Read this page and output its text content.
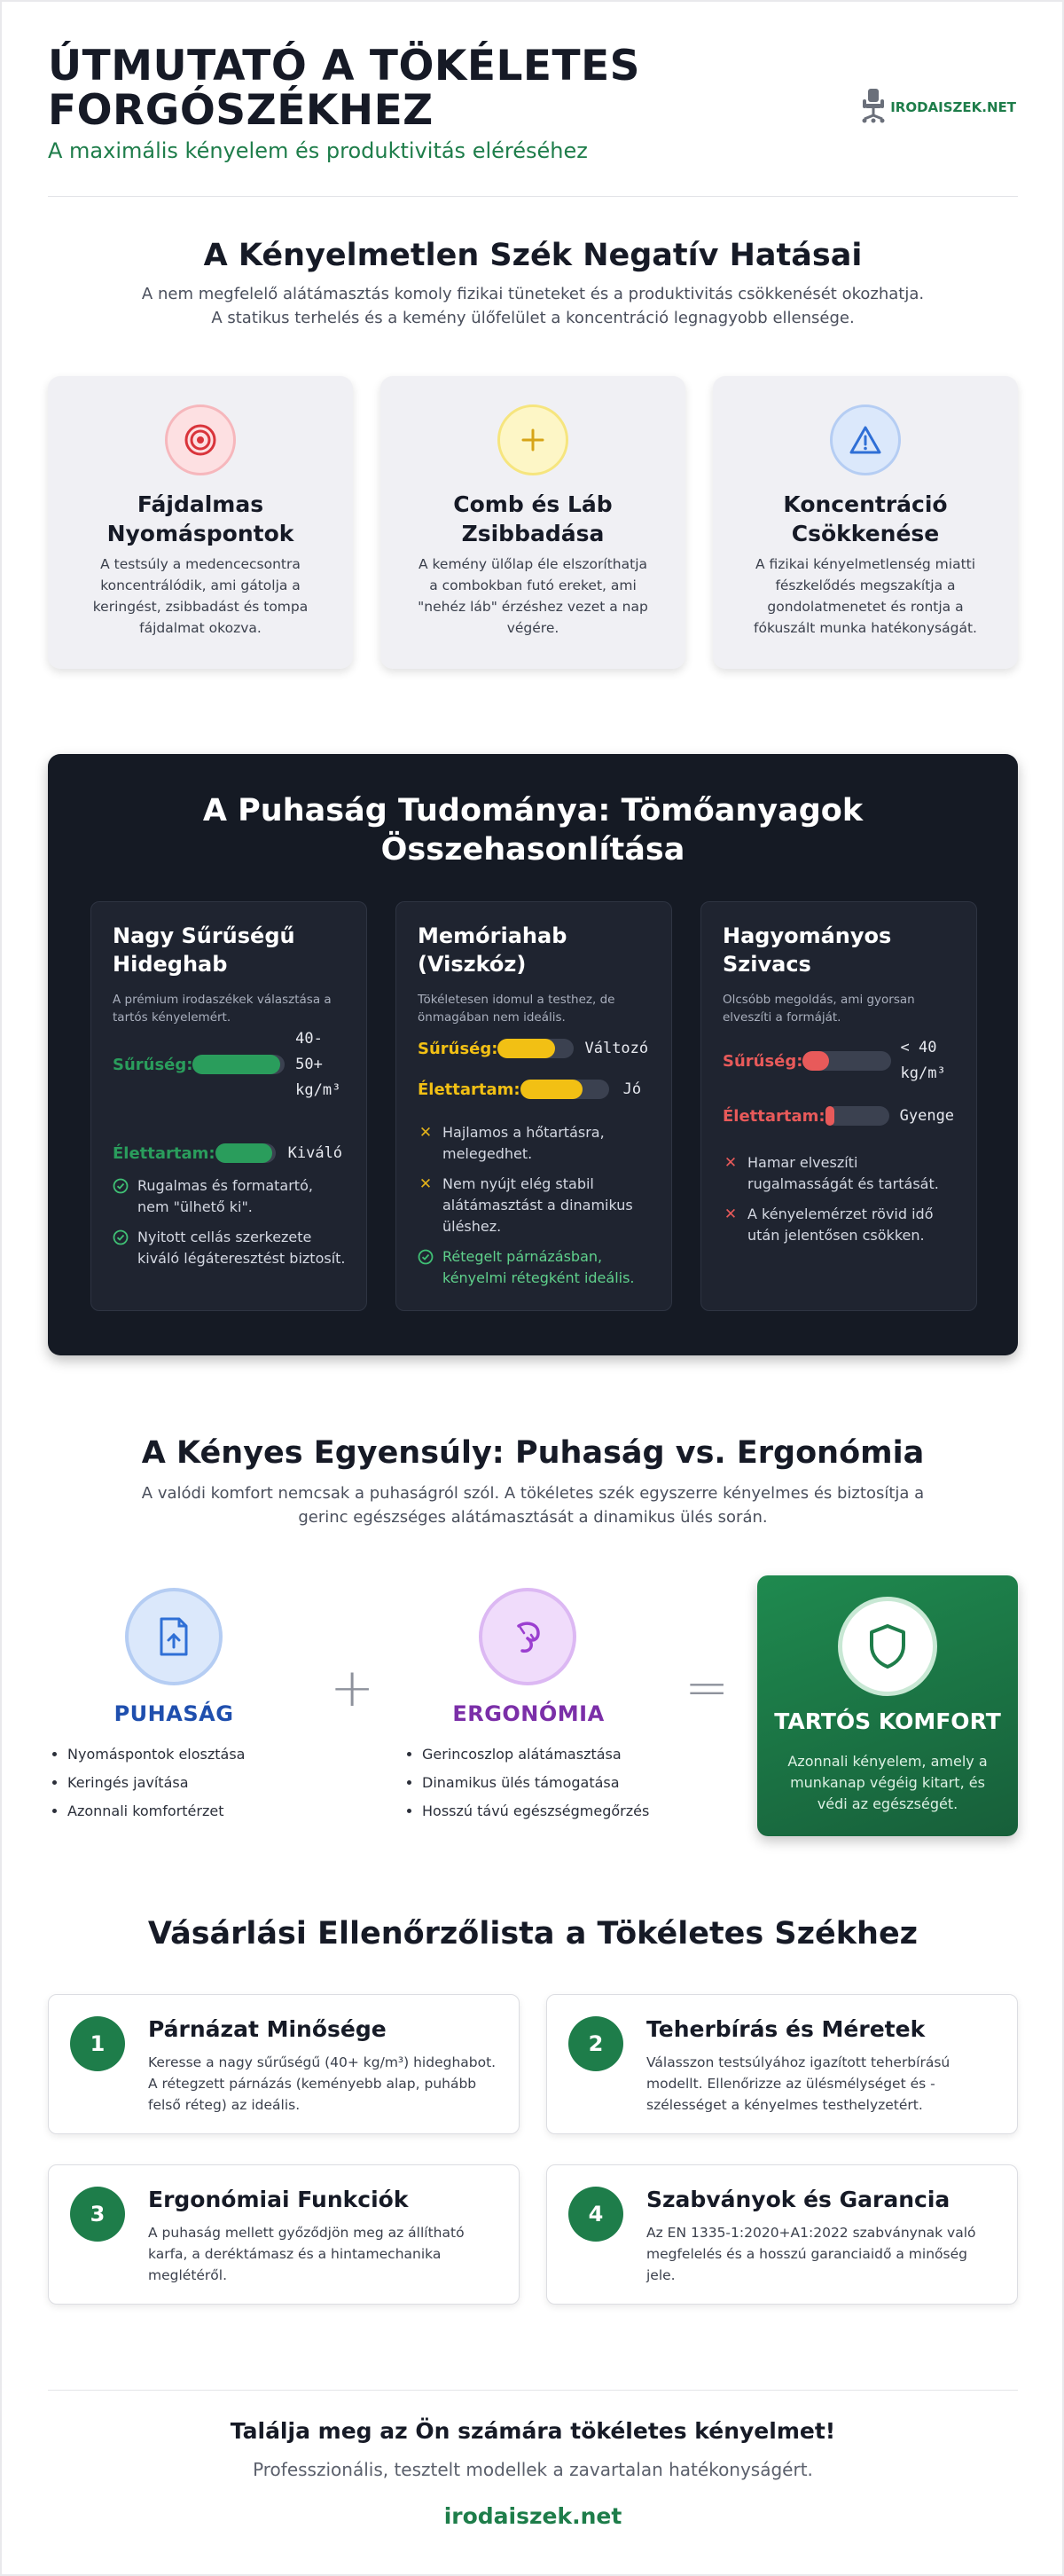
ÚTMUTATÓ A TÖKÉLETES FORGÓSZÉKHEZ
A maximális kényelem és produktivitás eléréséhez
IRODAISZEK.NET
A Kényelmetlen Szék Negatív Hatásai
A nem megfelelő alátámasztás komoly fizikai tüneteket és a produktivitás csökkenését okozhatja.
A statikus terhelés és a kemény ülőfelület a koncentráció legnagyobb ellensége.
Fájdalmas Nyomáspontok

A testsúly a medencecsontra koncentrálódik, ami gátolja a keringést, zsibbadást és tompa fájdalmat okozva.

Comb és Láb Zsibbadása

A kemény ülőlap éle elszoríthatja a combokban futó ereket, ami "nehéz láb" érzéshez vezet a nap végére.

Koncentráció Csökkenése

A fizikai kényelmetlenség miatti fészkelődés megszakítja a gondolatmenetet és rontja a fókuszált munka hatékonyságát.

A Puhaság Tudománya: Tömőanyagok Összehasonlítása
Nagy Sűrűségű Hideghab
A prémium irodaszékek választása a tartós kényelemért.
Sűrűség:
40-50+ kg/m³
Élettartam:	Kiváló
Rugalmas és formatartó, nem "ülhető ki".
Nyitott cellás szerkezete kiváló légáteresztést biztosít.
Memóriahab (Viszkóz)
Tökéletesen idomul a testhez, de önmagában nem ideális.
Sűrűség:	Változó
Élettartam:	Jó
✕ Hajlamos a hőtartásra, melegedhet.
✕ Nem nyújt elég stabil alátámasztást a dinamikus üléshez.
Rétegelt párnázásban, kényelmi rétegként ideális.
Hagyományos Szivacs
Olcsóbb megoldás, ami gyorsan elveszíti a formáját.
Sűrűség:
< 40 kg/m³
Élettartam:	Gyenge
✕ Hamar elveszíti rugalmasságát és tartását.
✕ A kényelemérzet rövid idő után jelentősen csökken.
A Kényes Egyensúly: Puhaság vs. Ergonómia
A valódi komfort nemcsak a puhaságról szól. A tökéletes szék egyszerre kényelmes és biztosítja a
gerinc egészséges alátámasztását a dinamikus ülés során.
PUHASÁG
• Nyomáspontok elosztása
• Keringés javítása
• Azonnali komfortérzet
+	ERGONÓMIA
• Gerincoszlop alátámasztása
• Dinamikus ülés támogatása
• Hosszú távú egészségmegőrzés
=
TARTÓS KOMFORT

Azonnali kényelem, amely a munkanap végéig kitart, és védi az egészségét.

Vásárlási Ellenőrzőlista a Tökéletes Székhez
1
Párnázat Minősége

Keresse a nagy sűrűségű (40+ kg/m³) hideghabot. A rétegzett párnázás (keményebb alap, puhább felső réteg) az ideális.

2
Teherbírás és Méretek

Válasszon testsúlyához igazított teherbírású modellt. Ellenőrizze az ülésmélységet és -szélességet a kényelmes testhelyzetért.

3
Ergonómiai Funkciók

A puhaság mellett győződjön meg az állítható karfa, a deréktámasz és a hintamechanika meglétéről.

4
Szabványok és Garancia

Az EN 1335-1:2020+A1:2022 szabványnak való megfelelés és a hosszú garanciaidő a minőség jele.

Találja meg az Ön számára tökéletes kényelmet!
Professzionális, tesztelt modellek a zavartalan hatékonyságért.
irodaiszek.net
